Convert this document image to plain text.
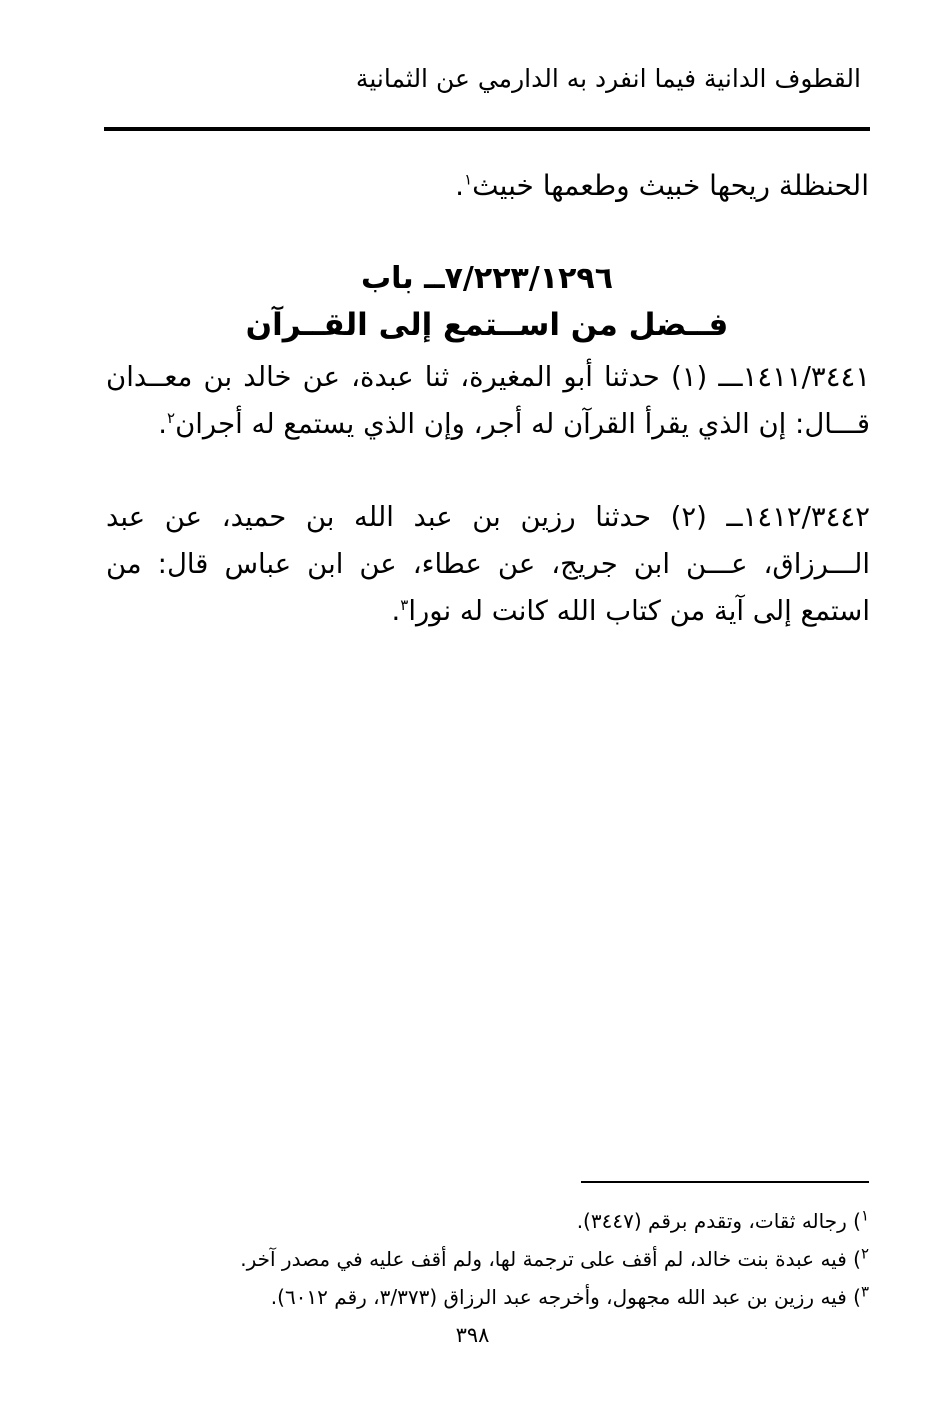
القطوف الدانية فيما انفرد به الدارمي عن الثمانية
الحنظلة ريحها خبيث وطعمها خبيث$^١$.
٧/٢٢٣/١٢٩٦ــ باب
فــضل من اســتمع إلى القــرآن
١٤١١/٣٤٤١ـــ (١) حدثنا أبو المغيرة، ثنا عبدة، عن خالد بن معــدان قـــال: إن الذي يقرأ القرآن له أجر، وإن الذي يستمع له أجران$^٢$.
١٤١٢/٣٤٤٢ــ (٢) حدثنا رزين بن عبد الله بن حميد، عن عبد الـــرزاق، عـــن ابن جريج، عن عطاء، عن ابن عباس قال: من استمع إلى آية من كتاب الله كانت له نورا$^٣$.
$^١$) رجاله ثقات، وتقدم برقم (٣٤٤٧).
$^٢$) فيه عبدة بنت خالد، لم أقف على ترجمة لها، ولم أقف عليه في مصدر آخر.
$^٣$) فيه رزين بن عبد الله مجهول، وأخرجه عبد الرزاق (٣/٣٧٣، رقم ٦٠١٢).
٣٩٨
